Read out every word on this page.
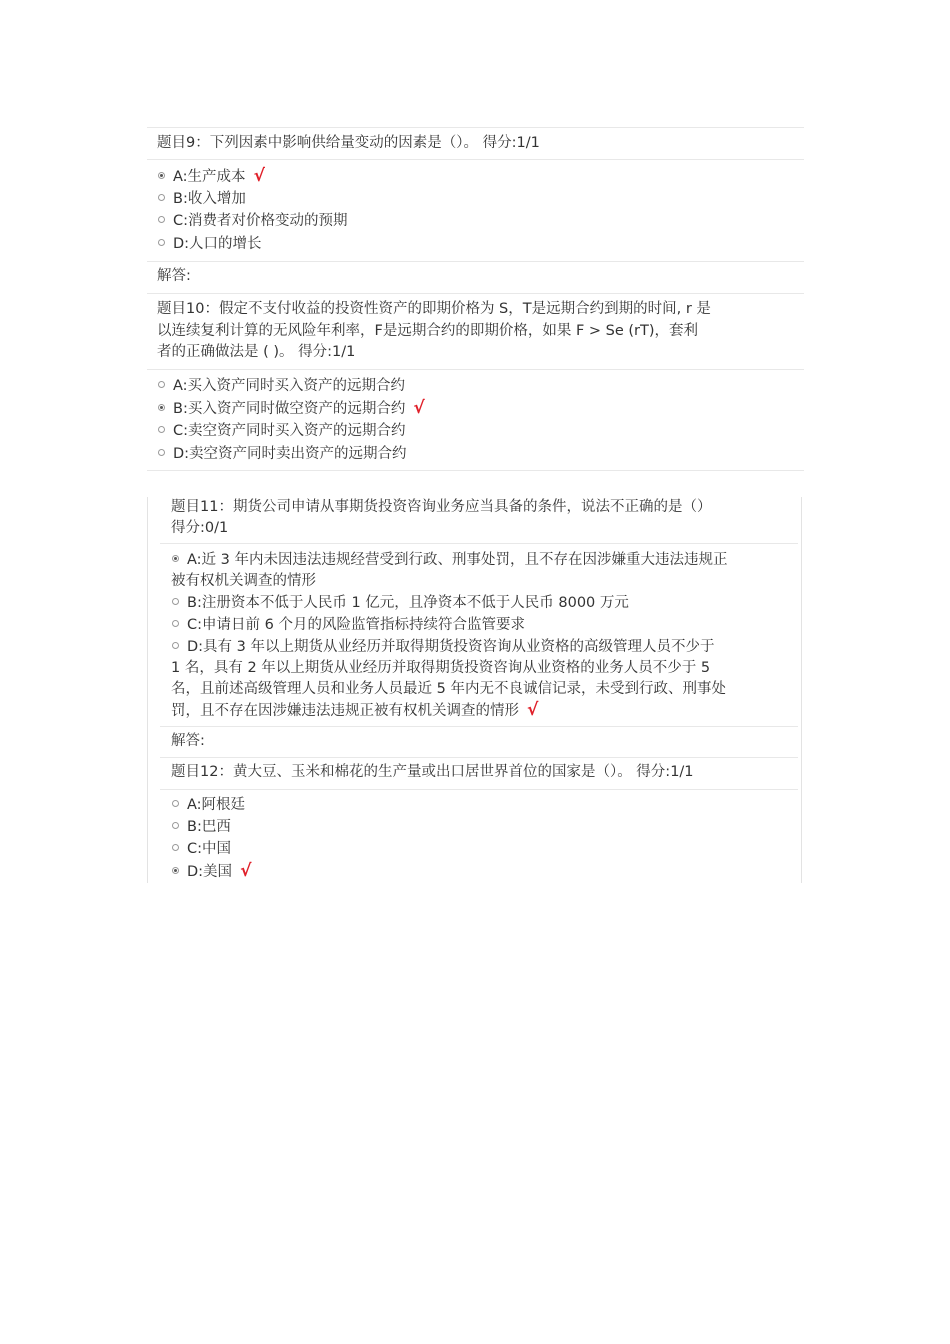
题目9：下列因素中影响供给量变动的因素是（）。 得分:1/1
A:生产成本 √
B:收入增加
C:消费者对价格变动的预期
D:人口的增长
解答:
题目10：假定不支付收益的投资性资产的即期价格为 S，T是远期合约到期的时间, r 是
以连续复利计算的无风险年利率，F是远期合约的即期价格，如果 F > Se (rT)，套利
者的正确做法是 ( )。 得分:1/1
A:买入资产同时买入资产的远期合约
B:买入资产同时做空资产的远期合约 √
C:卖空资产同时买入资产的远期合约
D:卖空资产同时卖出资产的远期合约
题目11：期货公司申请从事期货投资咨询业务应当具备的条件，说法不正确的是（）
得分:0/1
A:近 3 年内未因违法违规经营受到行政、刑事处罚，且不存在因涉嫌重大违法违规正
被有权机关调查的情形
B:注册资本不低于人民币 1 亿元，且净资本不低于人民币 8000 万元
C:申请日前 6 个月的风险监管指标持续符合监管要求
D:具有 3 年以上期货从业经历并取得期货投资咨询从业资格的高级管理人员不少于
1 名，具有 2 年以上期货从业经历并取得期货投资咨询从业资格的业务人员不少于 5
名，且前述高级管理人员和业务人员最近 5 年内无不良诚信记录，未受到行政、刑事处
罚，且不存在因涉嫌违法违规正被有权机关调查的情形 √
解答:
题目12：黄大豆、玉米和棉花的生产量或出口居世界首位的国家是（）。 得分:1/1
A:阿根廷
B:巴西
C:中国
D:美国 √
